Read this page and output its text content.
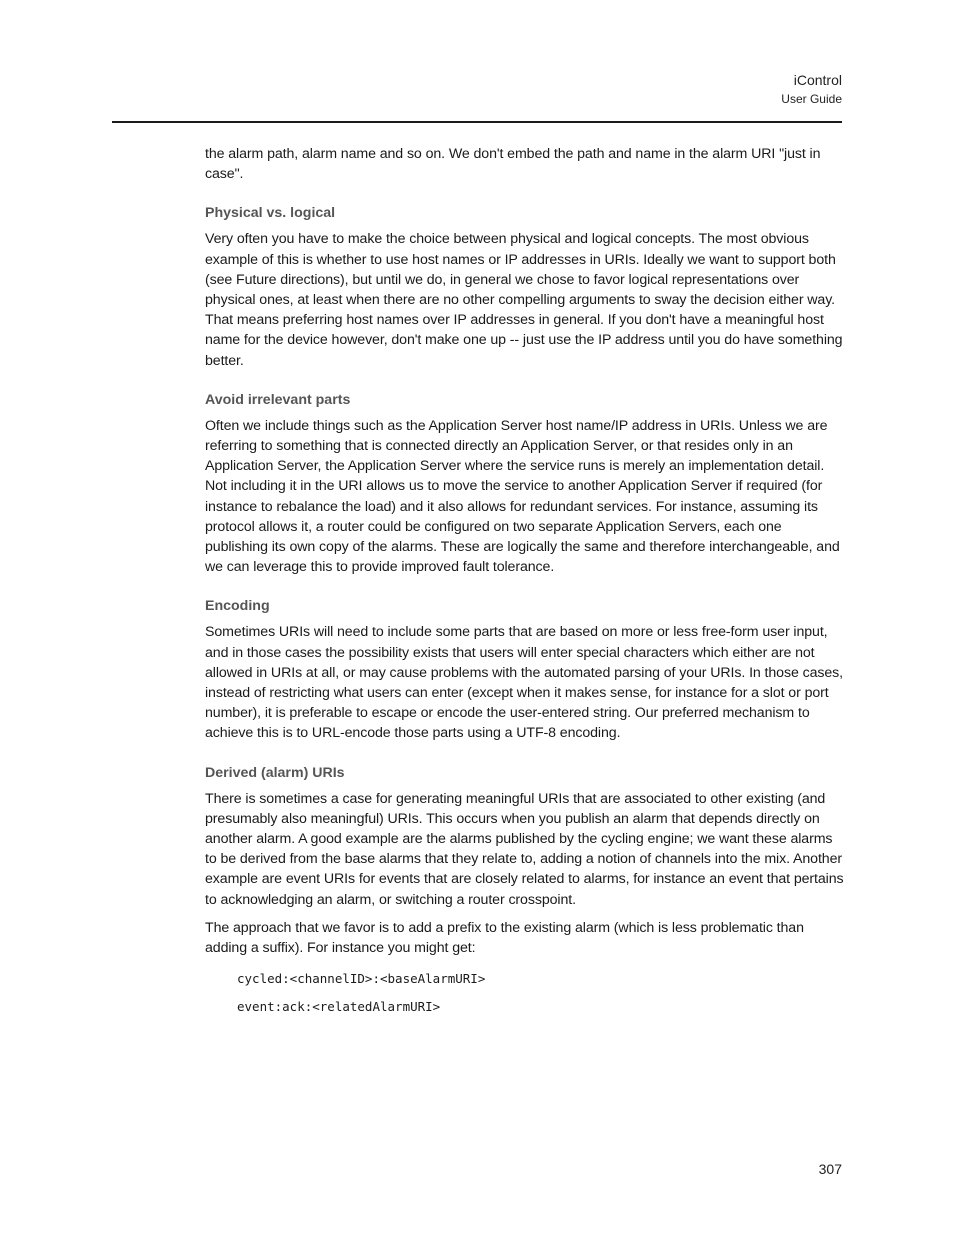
iControl
User Guide

the alarm path, alarm name and so on. We don't embed the path and name in the alarm URI "just in case".

Physical vs. logical

Very often you have to make the choice between physical and logical concepts. The most obvious example of this is whether to use host names or IP addresses in URIs. Ideally we want to support both (see Future directions), but until we do, in general we chose to favor logical representations over physical ones, at least when there are no other compelling arguments to sway the decision either way. That means preferring host names over IP addresses in general. If you don't have a meaningful host name for the device however, don't make one up -- just use the IP address until you do have something better.

Avoid irrelevant parts

Often we include things such as the Application Server host name/IP address in URIs. Unless we are referring to something that is connected directly an Application Server, or that resides only in an Application Server, the Application Server where the service runs is merely an implementation detail. Not including it in the URI allows us to move the service to another Application Server if required (for instance to rebalance the load) and it also allows for redundant services. For instance, assuming its protocol allows it, a router could be configured on two separate Application Servers, each one publishing its own copy of the alarms. These are logically the same and therefore interchangeable, and we can leverage this to provide improved fault tolerance.

Encoding

Sometimes URIs will need to include some parts that are based on more or less free-form user input, and in those cases the possibility exists that users will enter special characters which either are not allowed in URIs at all, or may cause problems with the automated parsing of your URIs. In those cases, instead of restricting what users can enter (except when it makes sense, for instance for a slot or port number), it is preferable to escape or encode the user-entered string. Our preferred mechanism to achieve this is to URL-encode those parts using a UTF-8 encoding.

Derived (alarm) URIs

There is sometimes a case for generating meaningful URIs that are associated to other existing (and presumably also meaningful) URIs. This occurs when you publish an alarm that depends directly on another alarm. A good example are the alarms published by the cycling engine; we want these alarms to be derived from the base alarms that they relate to, adding a notion of channels into the mix. Another example are event URIs for events that are closely related to alarms, for instance an event that pertains to acknowledging an alarm, or switching a router crosspoint.

The approach that we favor is to add a prefix to the existing alarm (which is less problematic than adding a suffix). For instance you might get:

cycled:<channelID>:<baseAlarmURI>
event:ack:<relatedAlarmURI>
307
